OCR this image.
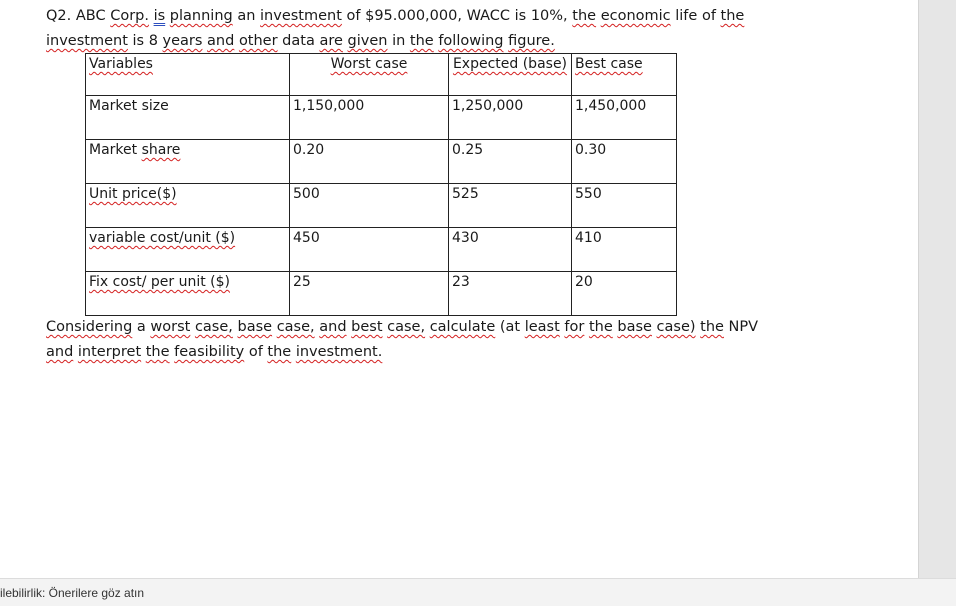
Q2. ABC Corp. is planning an investment of $95.000,000, WACC is 10%, the economic life of the
investment is 8 years and other data are given in the following figure.
Variables	Worst case	Expected (base)	Best case
Market size	1,150,000	1,250,000	1,450,000
Market share	0.20	0.25	0.30
Unit price($)	500	525	550
variable cost/unit ($)	450	430	410
Fix cost/ per unit ($)	25	23	20
Considering a worst case, base case, and best case, calculate (at least for the base case) the NPV
and interpret the feasibility of the investment.
ilebilirlik: Önerilere göz atın
